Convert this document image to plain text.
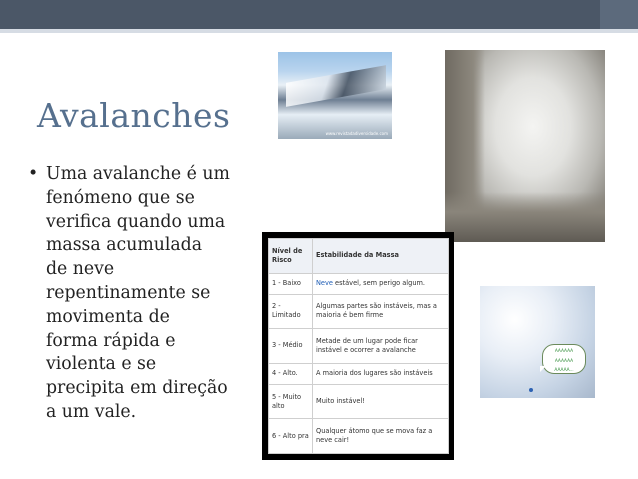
Avalanches
• Uma avalanche é um
fenómeno que se
verifica quando uma
massa acumulada
de neve
repentinamente se
movimenta de
forma rápida e
violenta e se
precipita em direção
a um vale.
www.revistadadiversidade.com
AAAAAA
AAAAAA
AAAAA...
Nível de Risco	Estabilidade da Massa
1 - Baixo	Neve estável, sem perigo algum.
2 - Limitado	Algumas partes são instáveis, mas a maioria é bem firme
3 - Médio	Metade de um lugar pode ficar instável e ocorrer a avalanche
4 - Alto.	A maioria dos lugares são instáveis
5 - Muito alto	Muito instável!
6 - Alto pra	Qualquer átomo que se mova faz a neve cair!
